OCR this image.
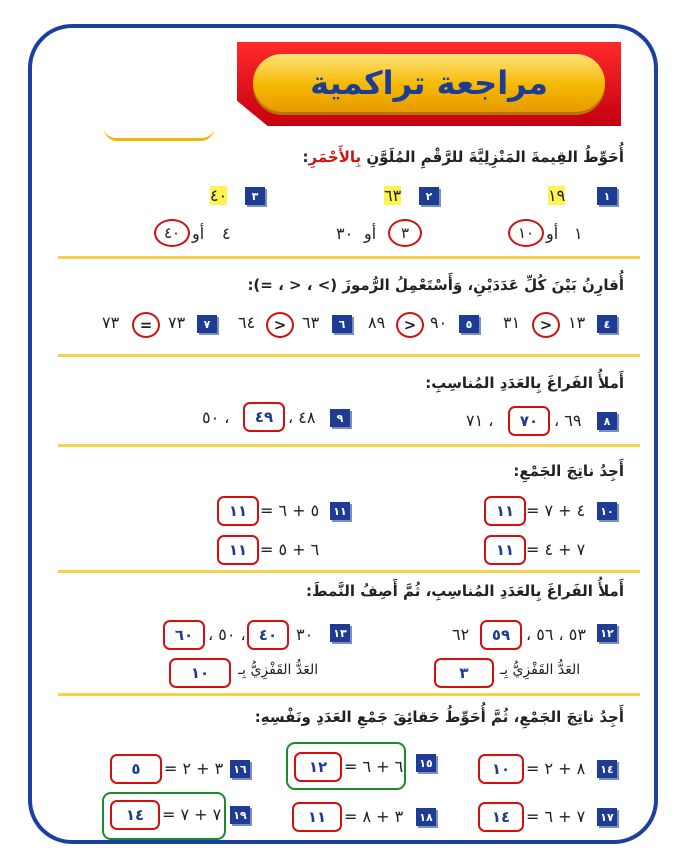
مراجعة تراكمية
أُحَوِّطُ القِيمةَ المَنْزِلِيَّةَ للرَّقْمِ المُلَوَّنِ بِالأَحْمَرِ:
١
١٩
١
أو
١٠
٢
٦٣
٣
أو
٣٠
٣
٤٠
٤
أو
٤٠
أُقارِنُ بَيْنَ كُلِّ عَدَدَيْنِ، وَأَسْتَعْمِلُ الرُّموزَ (> ، < ، =):
٤
١٣
>
٣١
٥
٩٠
>
٨٩
٦
٦٣
>
٦٤
٧
٧٣
=
٧٣
أَملأُ الفَراغَ بِالعَدَدِ المُناسِبِ:
٨
٦٩ ،
٧٠
، ٧١
٩
٤٨ ،
٤٩
، ٥٠
أَجِدُ ناتِجَ الجَمْعِ:
١٠
٤ + ٧ =
١١
٧ + ٤ =
١١
١١
٥ + ٦ =
١١
٦ + ٥ =
١١
أَملأُ الفَراغَ بِالعَدَدِ المُناسِبِ، ثُمَّ أَصِفُ النَّمطَ:
١٢
٥٣ ، ٥٦ ،
٥٩
٦٢
العَدُّ القَفْزِيُّ بِـ
٣
١٣
٣٠
٤٠
، ٥٠ ،
٦٠
العَدُّ القَفْزِيُّ بِـ
١٠
أَجِدُ ناتِجَ الجَمْعِ، ثُمَّ أُحَوِّطُ حَقائِقَ جَمْعِ العَدَدِ ونَفْسِهِ:
١٤
٨ + ٢ =
١٠
١٥
٦ + ٦ =
١٢
١٦
٣ + ٢ =
٥
١٧
٧ + ٦ =
١٤
١٨
٣ + ٨ =
١١
١٩
٧ + ٧ =
١٤
